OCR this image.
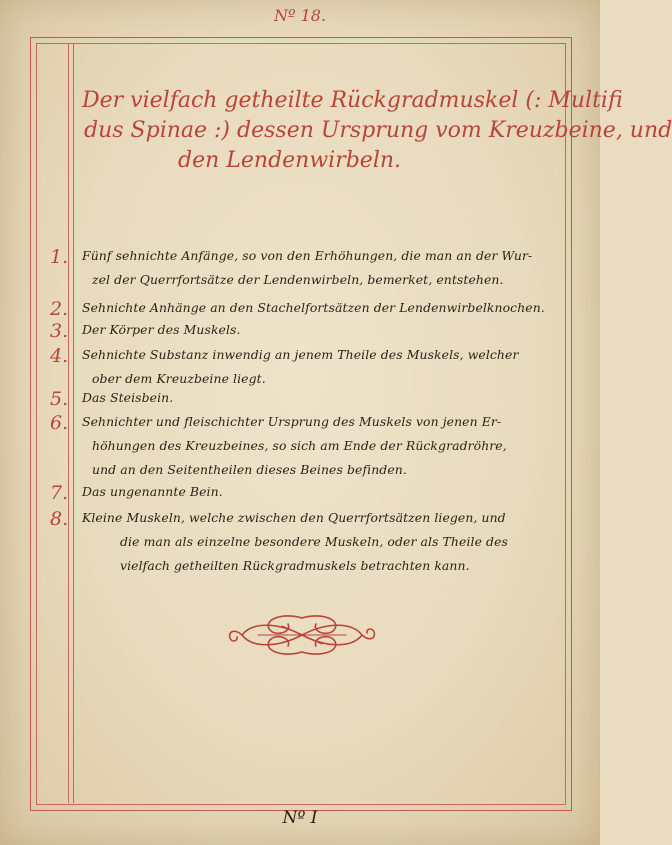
Nº 18.
Der vielfach getheilte Rückgradmuskel (: Multifi
dus Spinae :) dessen Ursprung vom Kreuzbeine, und
den Lendenwirbeln.
1. Fünf sehnichte Anfänge, so von den Erhöhungen, die man an der Wur-
zel der Querrfortsätze der Lendenwirbeln, bemerket, entstehen.
2. Sehnichte Anhänge an den Stachelfortsätzen der Lendenwirbelknochen.
3. Der Körper des Muskels.
4. Sehnichte Substanz inwendig an jenem Theile des Muskels, welcher
ober dem Kreuzbeine liegt.
5. Das Steisbein.
6. Sehnichter und fleischichter Ursprung des Muskels von jenen Er-
höhungen des Kreuzbeines, so sich am Ende der Rückgradröhre,
und an den Seitentheilen dieses Beines befinden.
7. Das ungenannte Bein.
8. Kleine Muskeln, welche zwischen den Querrfortsätzen liegen, und
die man als einzelne besondere Muskeln, oder als Theile des
vielfach getheilten Rückgradmuskels betrachten kann.
Nº I
